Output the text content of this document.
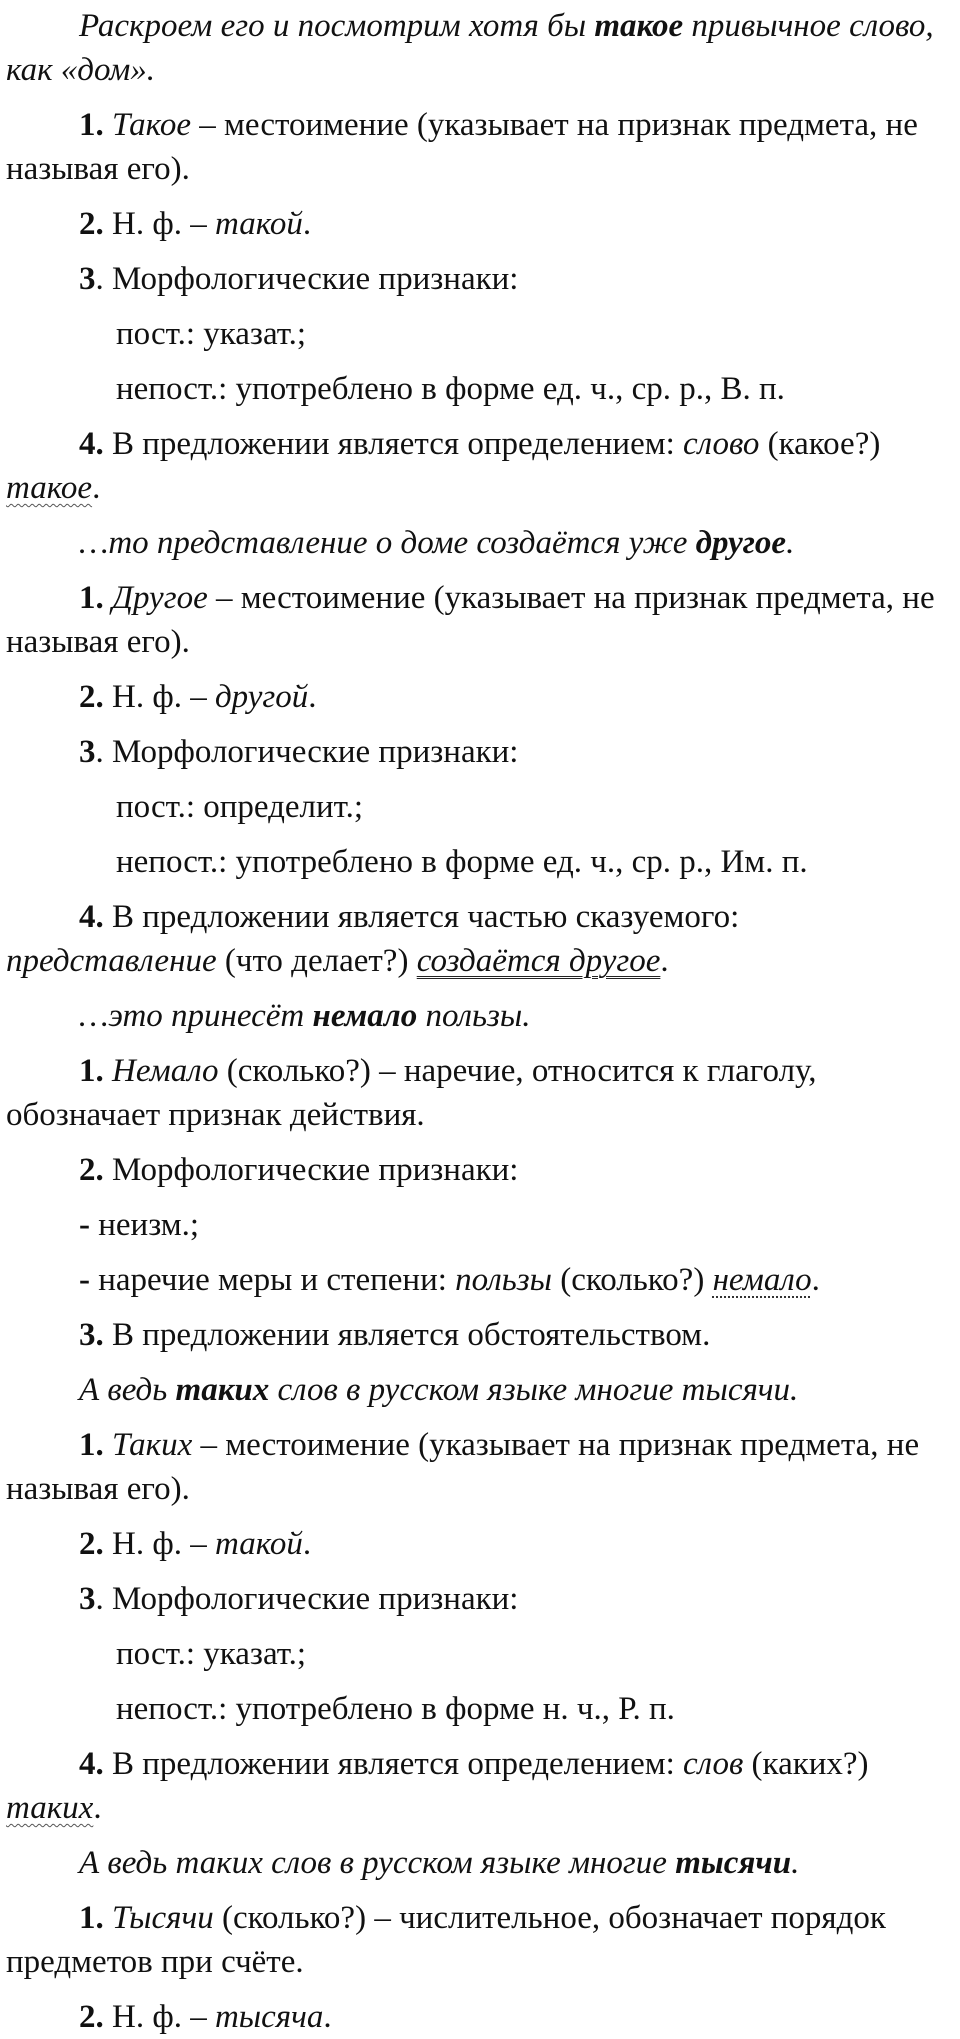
Раскроем его и посмотрим хотя бы такое привычное слово, как «дом».

1. Такое – местоимение (указывает на признак предмета, не называя его).

2. Н. ф. – такой.

3. Морфологические признаки:

пост.: указат.;

непост.: употреблено в форме ед. ч., ср. р., В. п.

4. В предложении является определением: слово (какое?) такое.

…то представление о доме создаётся уже другое.

1. Другое – местоимение (указывает на признак предмета, не называя его).

2. Н. ф. – другой.

3. Морфологические признаки:

пост.: определит.;

непост.: употреблено в форме ед. ч., ср. р., Им. п.

4. В предложении является частью сказуемого: представление (что делает?) создаётся другое.

…это принесёт немало пользы.

1. Немало (сколько?) – наречие, относится к глаголу, обозначает признак действия.

2. Морфологические признаки:

- неизм.;

- наречие меры и степени: пользы (сколько?) немало.

3. В предложении является обстоятельством.

А ведь таких слов в русском языке многие тысячи.

1. Таких – местоимение (указывает на признак предмета, не называя его).

2. Н. ф. – такой.

3. Морфологические признаки:

пост.: указат.;

непост.: употреблено в форме н. ч., Р. п.

4. В предложении является определением: слов (каких?) таких.

А ведь таких слов в русском языке многие тысячи.

1. Тысячи (сколько?) – числительное, обозначает порядок предметов при счёте.

2. Н. ф. – тысяча.
